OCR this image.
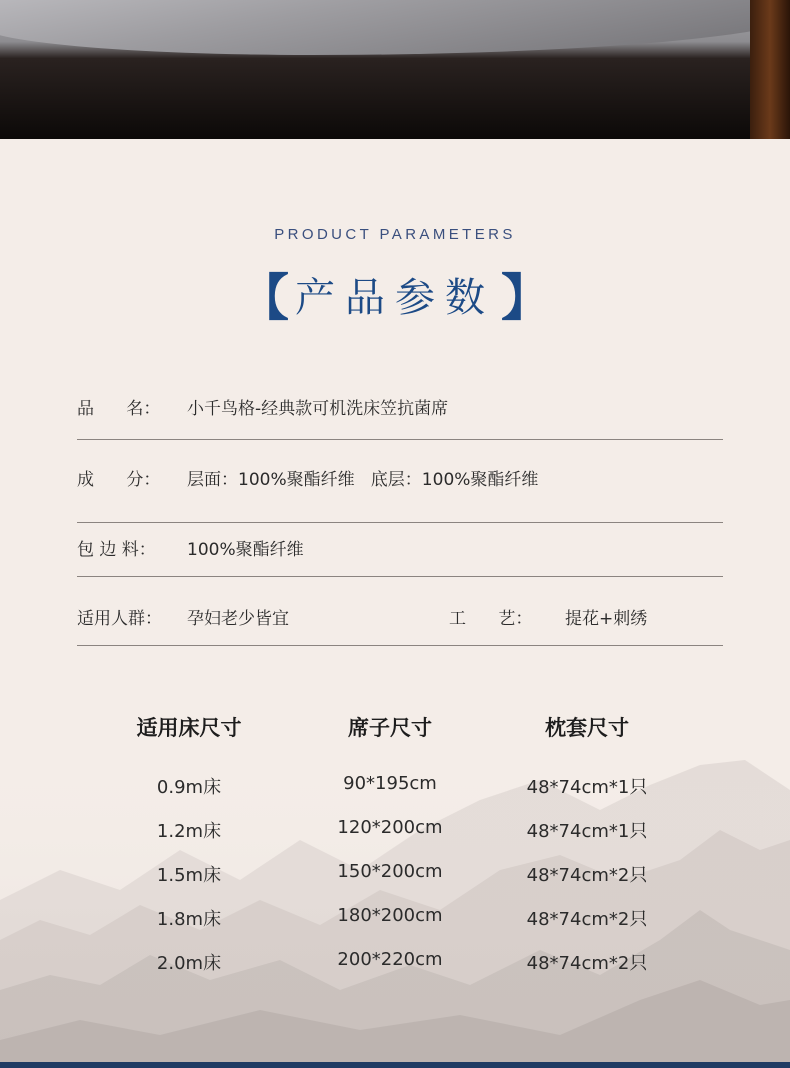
PRODUCT PARAMETERS
【 产品参数 】
品      名：	小千鸟格-经典款可机洗床笠抗菌席
成      分：	层面：100%聚酯纤维   底层：100%聚酯纤维
包 边 料：	100%聚酯纤维
适用人群：	孕妇老少皆宜	工      艺：	提花+刺绣
适用床尺寸	席子尺寸	枕套尺寸
0.9m床	90*195cm	48*74cm*1只
1.2m床	120*200cm	48*74cm*1只
1.5m床	150*200cm	48*74cm*2只
1.8m床	180*200cm	48*74cm*2只
2.0m床	200*220cm	48*74cm*2只
